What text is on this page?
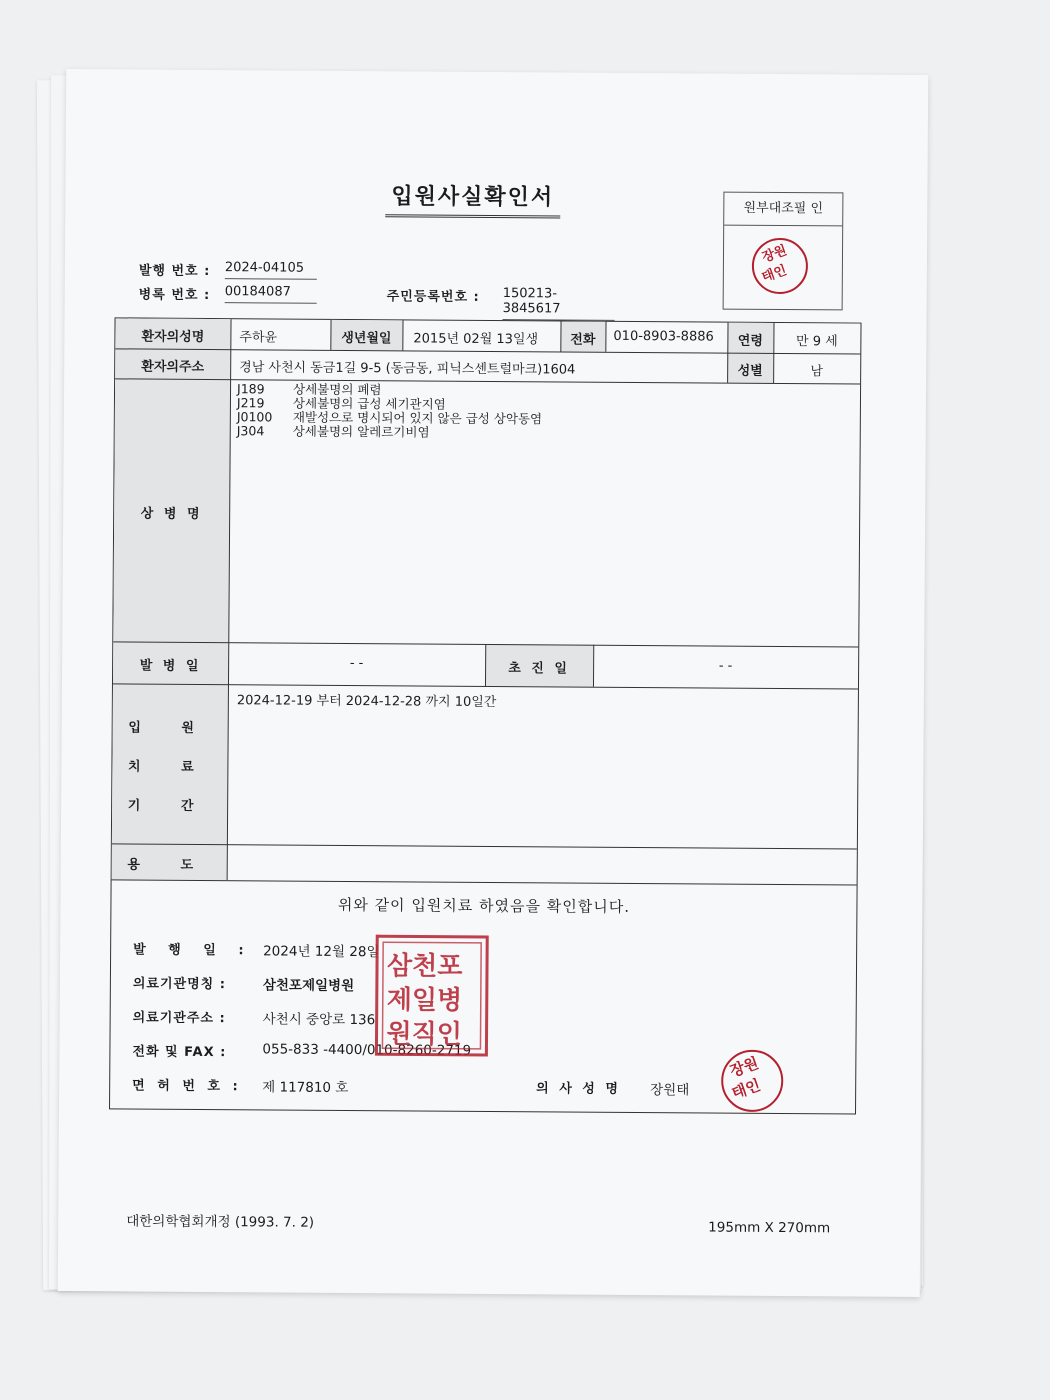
입원사실확인서	원부대조필 인
장원
태인
발행 번호 : 2024-04105
병록 번호 : 00184087	주민등록번호 : 150213-3845617
환자의성명	주하윤	생년월일	2015년 02월 13일생	전화	010-8903-8886	연령	만 9 세
환자의주소	경남 사천시 동금1길 9-5 (동금동, 피닉스센트럴마크)1604	성별	남
상 병 명
J189 상세불명의 폐렴
J219 상세불명의 급성 세기관지염
J0100 재발성으로 명시되어 있지 않은 급성 상악동염
J304 상세불명의 알레르기비염
발 병 일	- -	초 진 일	- -
입 원
치 료
기 간
2024-12-19 부터 2024-12-28 까지 10일간
용 도
위와 같이 입원치료 하였음을 확인합니다.
발 행 일 : 2024년 12월 28일
의료기관명칭 :	삼천포제일병원
의료기관주소 :	사천시 중앙로 136
전화 및 FAX :	055-833 -4400/010-8260-2719
면 허 번 호 : 제 117810 호	의 사 성 명 장원태
삼천포
제일병
원직인
장원
태인
대한의학협회개정 (1993. 7. 2)	195mm X 270mm
